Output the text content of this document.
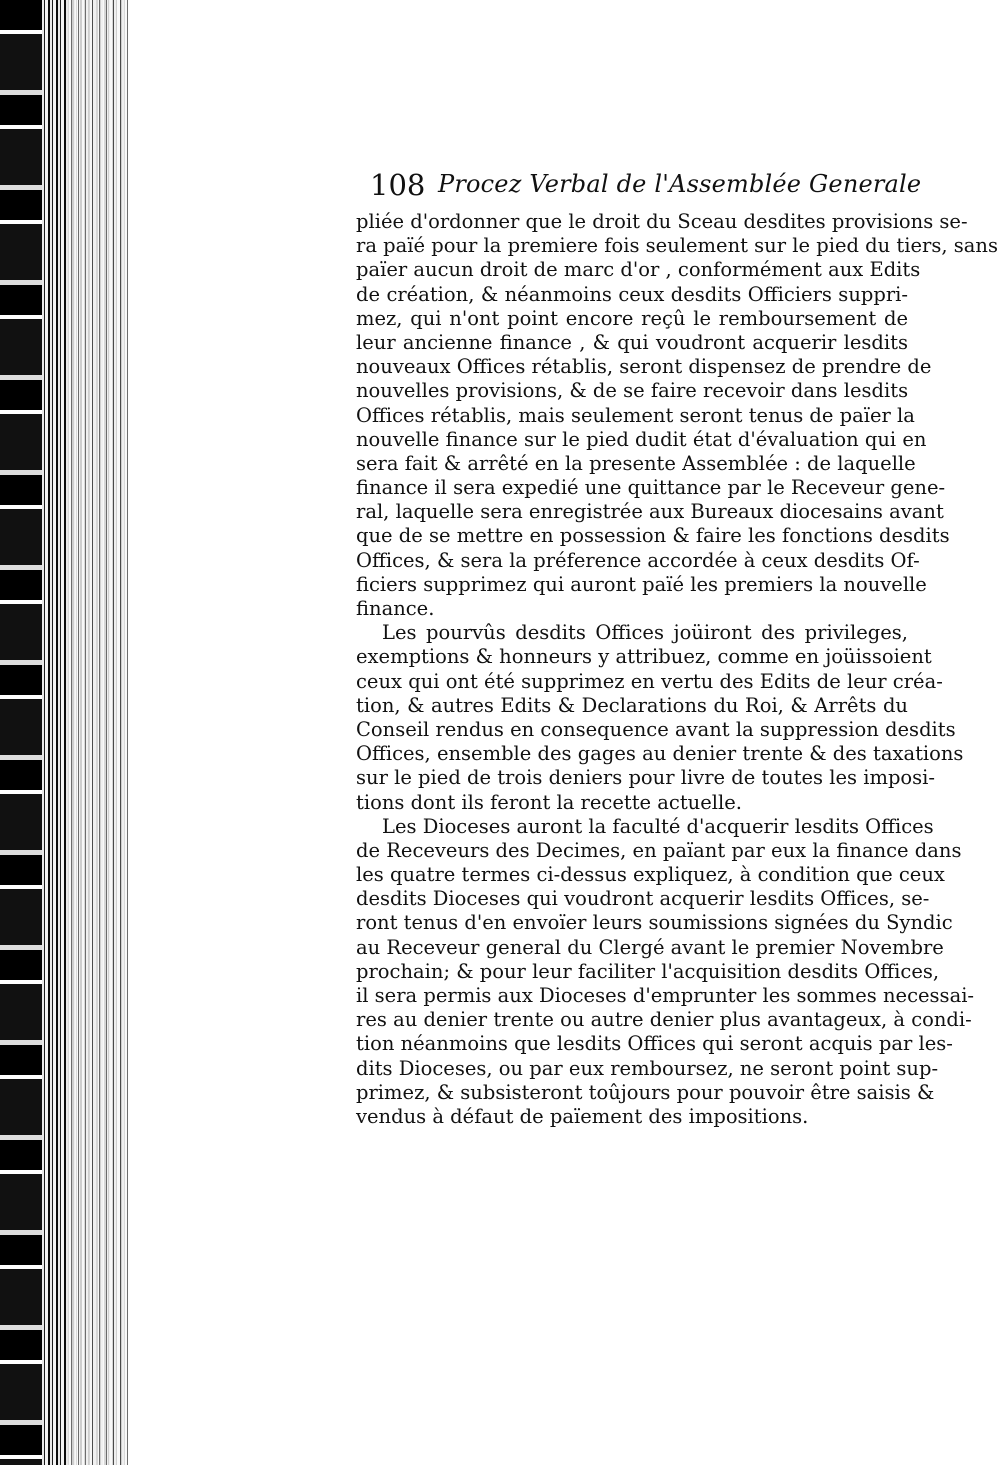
108 Procez Verbal de l'Assemblée Generale
pliée d'ordonner que le droit du Sceau desdites provisions se-
ra païé pour la premiere fois seulement sur le pied du tiers, sans
païer aucun droit de marc d'or , conformément aux Edits
de création, & néanmoins ceux desdits Officiers suppri-
mez, qui n'ont point encore reçû le remboursement de
leur ancienne finance , & qui voudront acquerir lesdits
nouveaux Offices rétablis, seront dispensez de prendre de
nouvelles provisions, & de se faire recevoir dans lesdits
Offices rétablis, mais seulement seront tenus de païer la
nouvelle finance sur le pied dudit état d'évaluation qui en
sera fait & arrêté en la presente Assemblée : de laquelle
finance il sera expedié une quittance par le Receveur gene-
ral, laquelle sera enregistrée aux Bureaux diocesains avant
que de se mettre en possession & faire les fonctions desdits
Offices, & sera la préference accordée à ceux desdits Of-
ficiers supprimez qui auront païé les premiers la nouvelle
finance.
Les pourvûs desdits Offices joüiront des privileges,
exemptions & honneurs y attribuez, comme en joüissoient
ceux qui ont été supprimez en vertu des Edits de leur créa-
tion, & autres Edits & Declarations du Roi, & Arrêts du
Conseil rendus en consequence avant la suppression desdits
Offices, ensemble des gages au denier trente & des taxations
sur le pied de trois deniers pour livre de toutes les imposi-
tions dont ils feront la recette actuelle.
Les Dioceses auront la faculté d'acquerir lesdits Offices
de Receveurs des Decimes, en païant par eux la finance dans
les quatre termes ci-dessus expliquez, à condition que ceux
desdits Dioceses qui voudront acquerir lesdits Offices, se-
ront tenus d'en envoïer leurs soumissions signées du Syndic
au Receveur general du Clergé avant le premier Novembre
prochain; & pour leur faciliter l'acquisition desdits Offices,
il sera permis aux Dioceses d'emprunter les sommes necessai-
res au denier trente ou autre denier plus avantageux, à condi-
tion néanmoins que lesdits Offices qui seront acquis par les-
dits Dioceses, ou par eux remboursez, ne seront point sup-
primez, & subsisteront toûjours pour pouvoir être saisis &
vendus à défaut de païement des impositions.
